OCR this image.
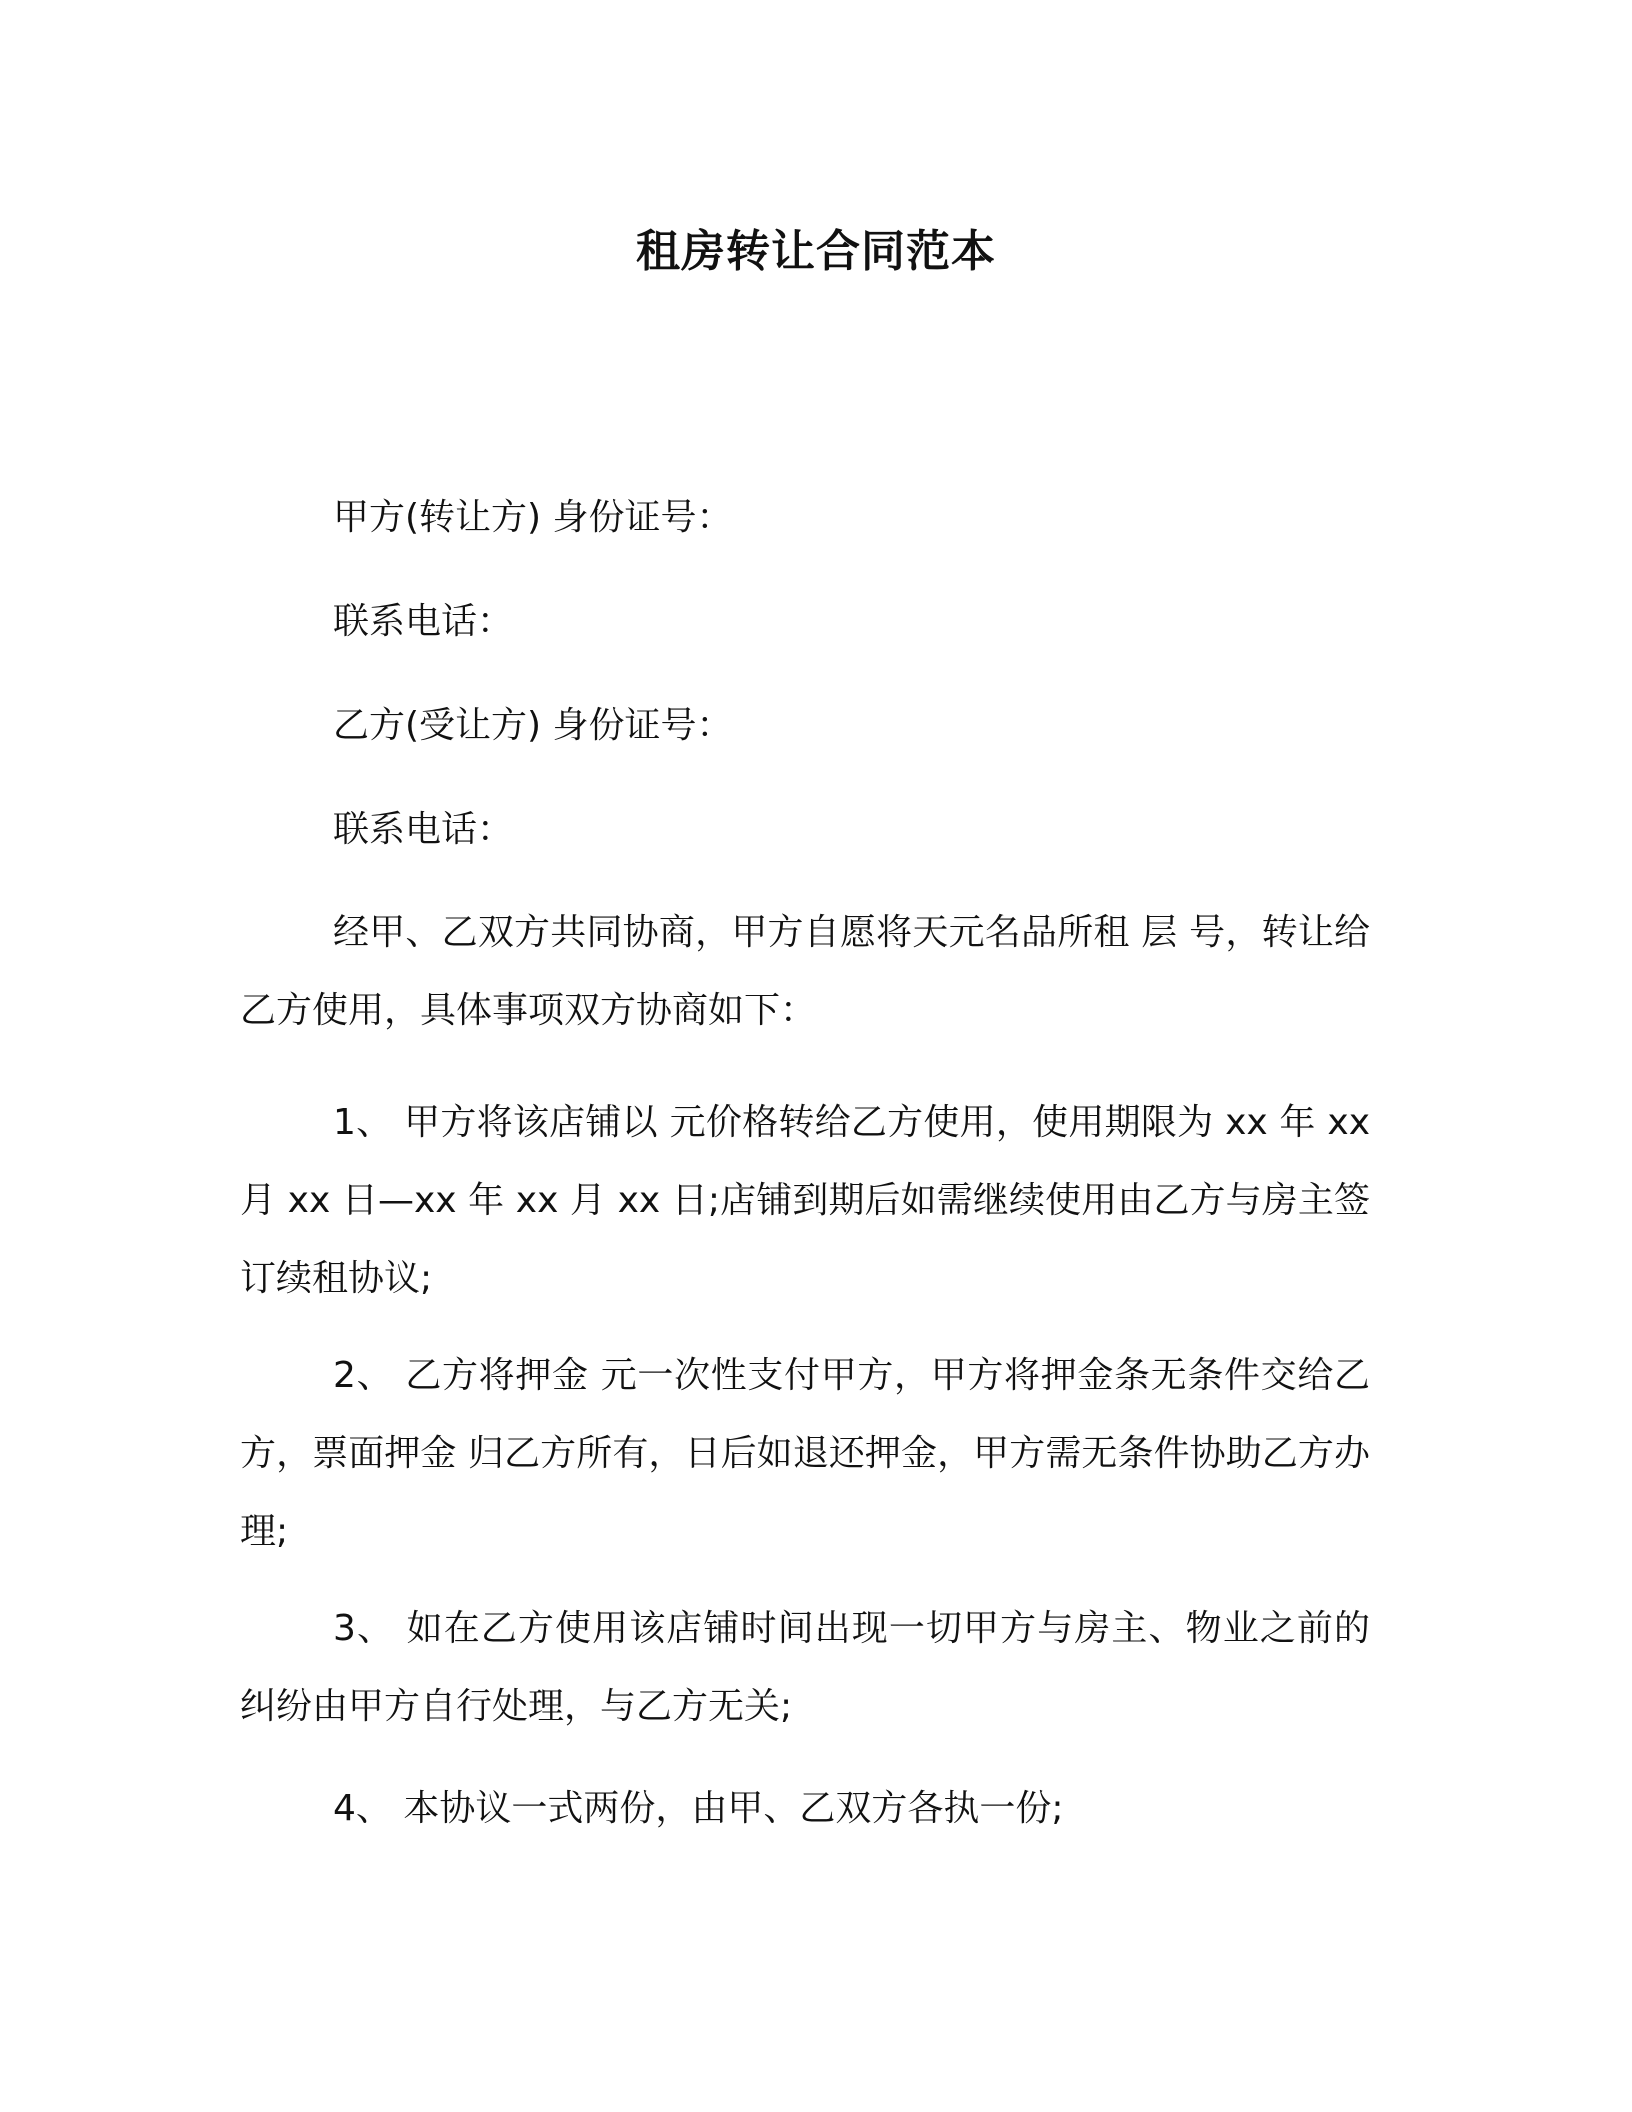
租房转让合同范本

甲方(转让方) 身份证号：

联系电话：

乙方(受让方) 身份证号：

联系电话：

经甲、乙双方共同协商，甲方自愿将天元名品所租 层 号，转让给乙方使用，具体事项双方协商如下：

1、 甲方将该店铺以 元价格转给乙方使用，使用期限为 xx 年 xx 月 xx 日—xx 年 xx 月 xx 日;店铺到期后如需继续使用由乙方与房主签订续租协议;

2、 乙方将押金 元一次性支付甲方，甲方将押金条无条件交给乙方，票面押金 归乙方所有，日后如退还押金，甲方需无条件协助乙方办理;

3、 如在乙方使用该店铺时间出现一切甲方与房主、物业之前的纠纷由甲方自行处理，与乙方无关;

4、 本协议一式两份，由甲、乙双方各执一份;
